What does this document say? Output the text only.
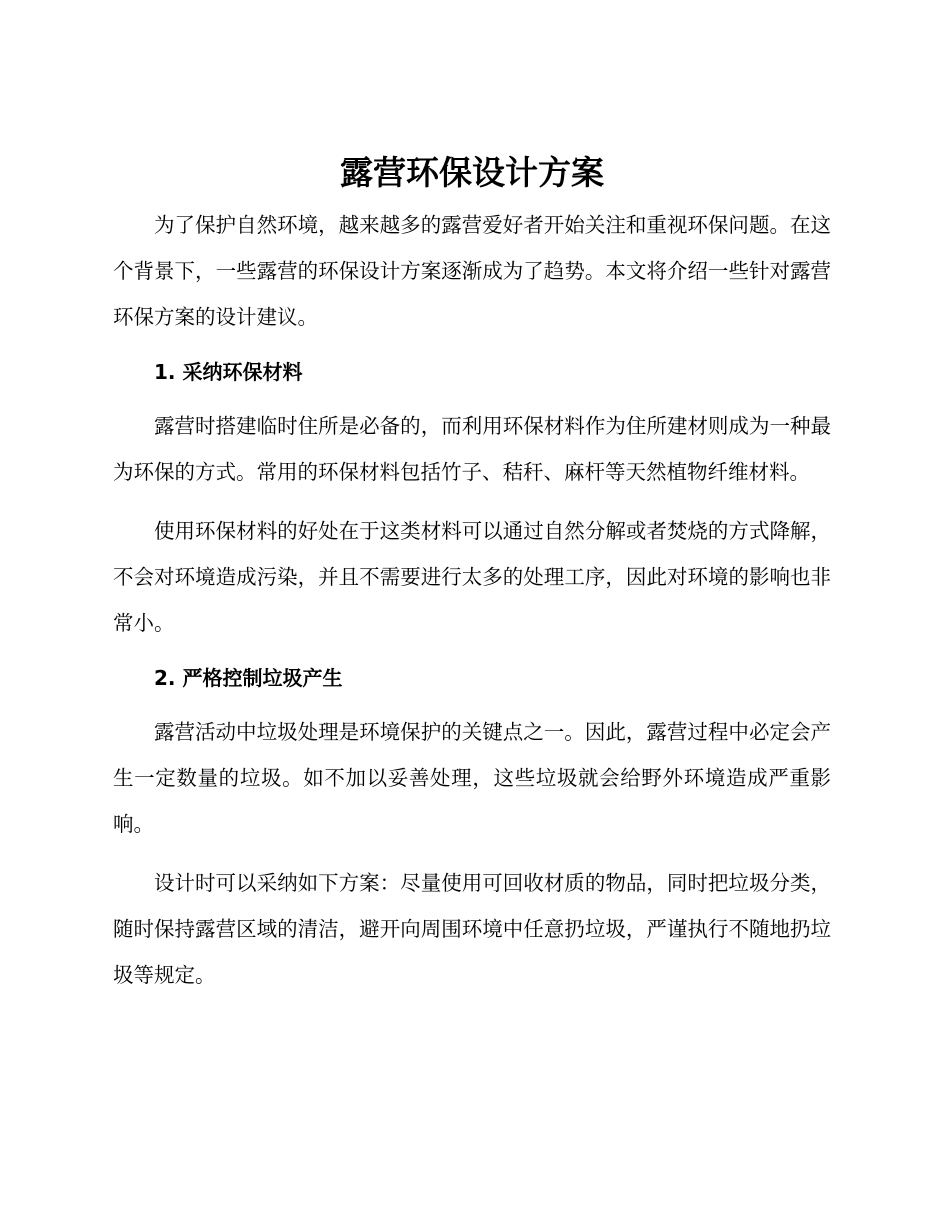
露营环保设计方案

为了保护自然环境，越来越多的露营爱好者开始关注和重视环保问题。在这个背景下，一些露营的环保设计方案逐渐成为了趋势。本文将介绍一些针对露营环保方案的设计建议。

1. 采纳环保材料

露营时搭建临时住所是必备的，而利用环保材料作为住所建材则成为一种最为环保的方式。常用的环保材料包括竹子、秸秆、麻杆等天然植物纤维材料。

使用环保材料的好处在于这类材料可以通过自然分解或者焚烧的方式降解，不会对环境造成污染，并且不需要进行太多的处理工序，因此对环境的影响也非常小。

2. 严格控制垃圾产生

露营活动中垃圾处理是环境保护的关键点之一。因此，露营过程中必定会产生一定数量的垃圾。如不加以妥善处理，这些垃圾就会给野外环境造成严重影响。

设计时可以采纳如下方案：尽量使用可回收材质的物品，同时把垃圾分类，随时保持露营区域的清洁，避开向周围环境中任意扔垃圾，严谨执行不随地扔垃圾等规定。
